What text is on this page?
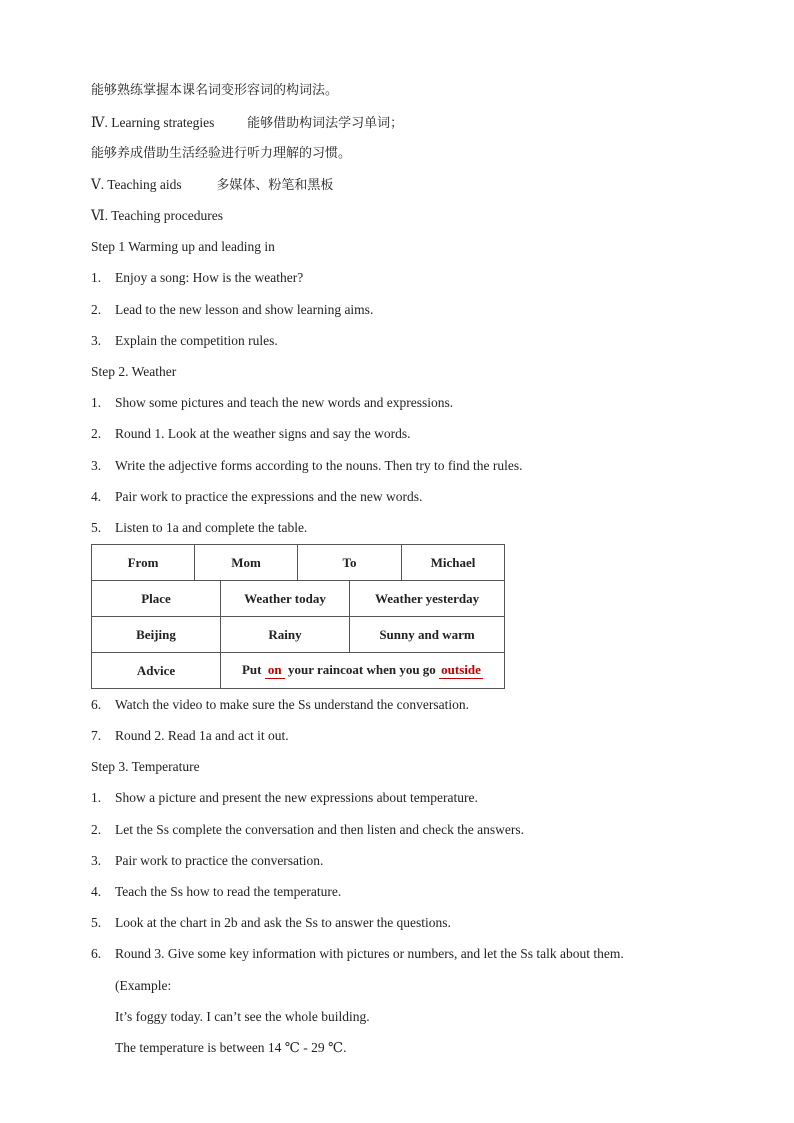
能够熟练掌握本课名词变形容词的构词法。
Ⅳ. Learning strategies	能够借助构词法学习单词；
能够养成借助生活经验进行听力理解的习惯。
Ⅴ. Teaching aids	多媒体、粉笔和黑板
Ⅵ. Teaching procedures
Step 1 Warming up and leading in
1. Enjoy a song: How is the weather?
2. Lead to the new lesson and show learning aims.
3. Explain the competition rules.
Step 2. Weather
1. Show some pictures and teach the new words and expressions.
2. Round 1. Look at the weather signs and say the words.
3. Write the adjective forms according to the nouns. Then try to find the rules.
4. Pair work to practice the expressions and the new words.
5. Listen to 1a and complete the table.
From	Mom		To		Michael
Place		Weather today		Weather yesterday	
Beijing		Rainy		Sunny and warm	
Advice		Put on your raincoat when you go outside			
6. Watch the video to make sure the Ss understand the conversation.
7. Round 2. Read 1a and act it out.
Step 3. Temperature
1. Show a picture and present the new expressions about temperature.
2. Let the Ss complete the conversation and then listen and check the answers.
3. Pair work to practice the conversation.
4. Teach the Ss how to read the temperature.
5. Look at the chart in 2b and ask the Ss to answer the questions.
6. Round 3. Give some key information with pictures or numbers, and let the Ss talk about them.
(Example:
It’s foggy today. I can’t see the whole building.
The temperature is between 14 ℃ - 29 ℃.
